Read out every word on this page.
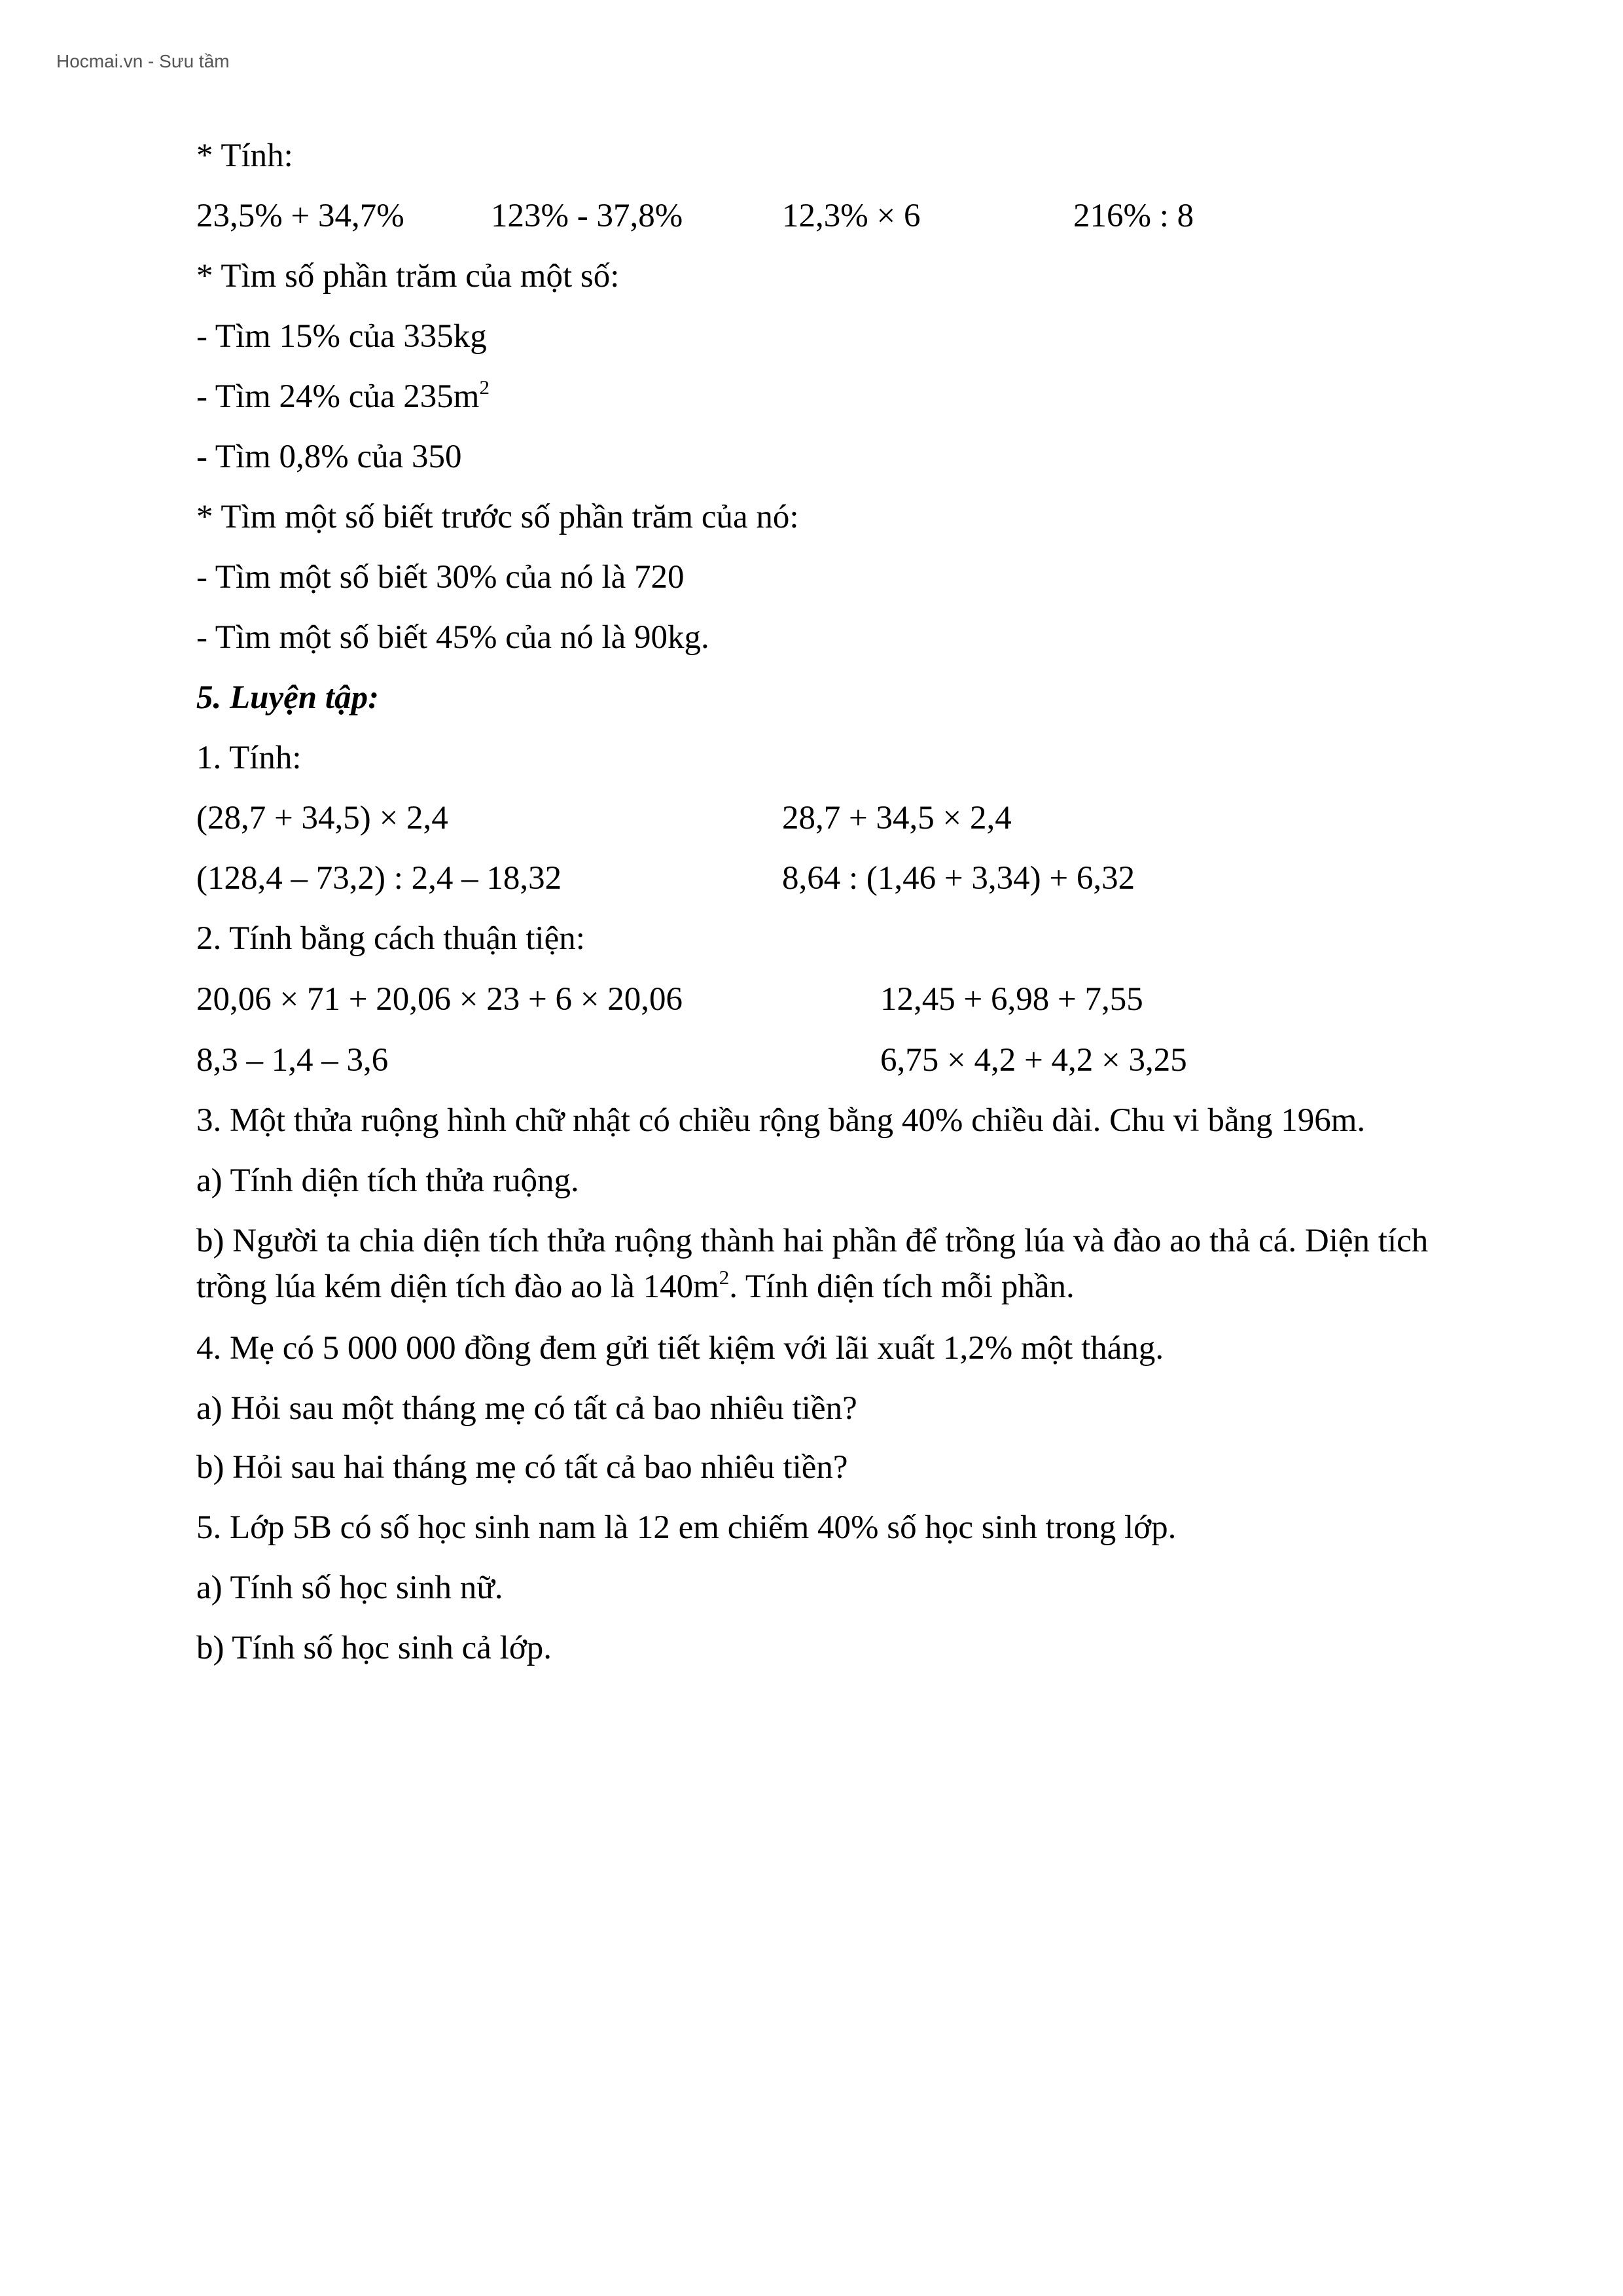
Hocmai.vn - Sưu tầm
* Tính:
23,5% + 34,7%	123% - 37,8%	12,3% × 6	216% : 8
* Tìm số phần trăm của một số:
- Tìm 15% của 335kg
- Tìm 24% của $235m^2$
- Tìm 0,8% của 350
* Tìm một số biết trước số phần trăm của nó:
- Tìm một số biết 30% của nó là 720
- Tìm một số biết 45% của nó là 90kg.
5. Luyện tập:
1. Tính:
(28,7 + 34,5) × 2,4	28,7 + 34,5 × 2,4
(128,4 – 73,2) : 2,4 – 18,32	8,64 : (1,46 + 3,34) + 6,32
2. Tính bằng cách thuận tiện:
20,06 × 71 + 20,06 × 23 + 6 × 20,06	12,45 + 6,98 + 7,55
8,3 – 1,4 – 3,6	6,75 × 4,2 + 4,2 × 3,25
3. Một thửa ruộng hình chữ nhật có chiều rộng bằng 40% chiều dài. Chu vi bằng 196m.
a) Tính diện tích thửa ruộng.
b) Người ta chia diện tích thửa ruộng thành hai phần để trồng lúa và đào ao thả cá. Diện tích
trồng lúa kém diện tích đào ao là $140m^2$. Tính diện tích mỗi phần.
4. Mẹ có 5 000 000 đồng đem gửi tiết kiệm với lãi xuất 1,2% một tháng.
a) Hỏi sau một tháng mẹ có tất cả bao nhiêu tiền?
b) Hỏi sau hai tháng mẹ có tất cả bao nhiêu tiền?
5. Lớp 5B có số học sinh nam là 12 em chiếm 40% số học sinh trong lớp.
a) Tính số học sinh nữ.
b) Tính số học sinh cả lớp.
